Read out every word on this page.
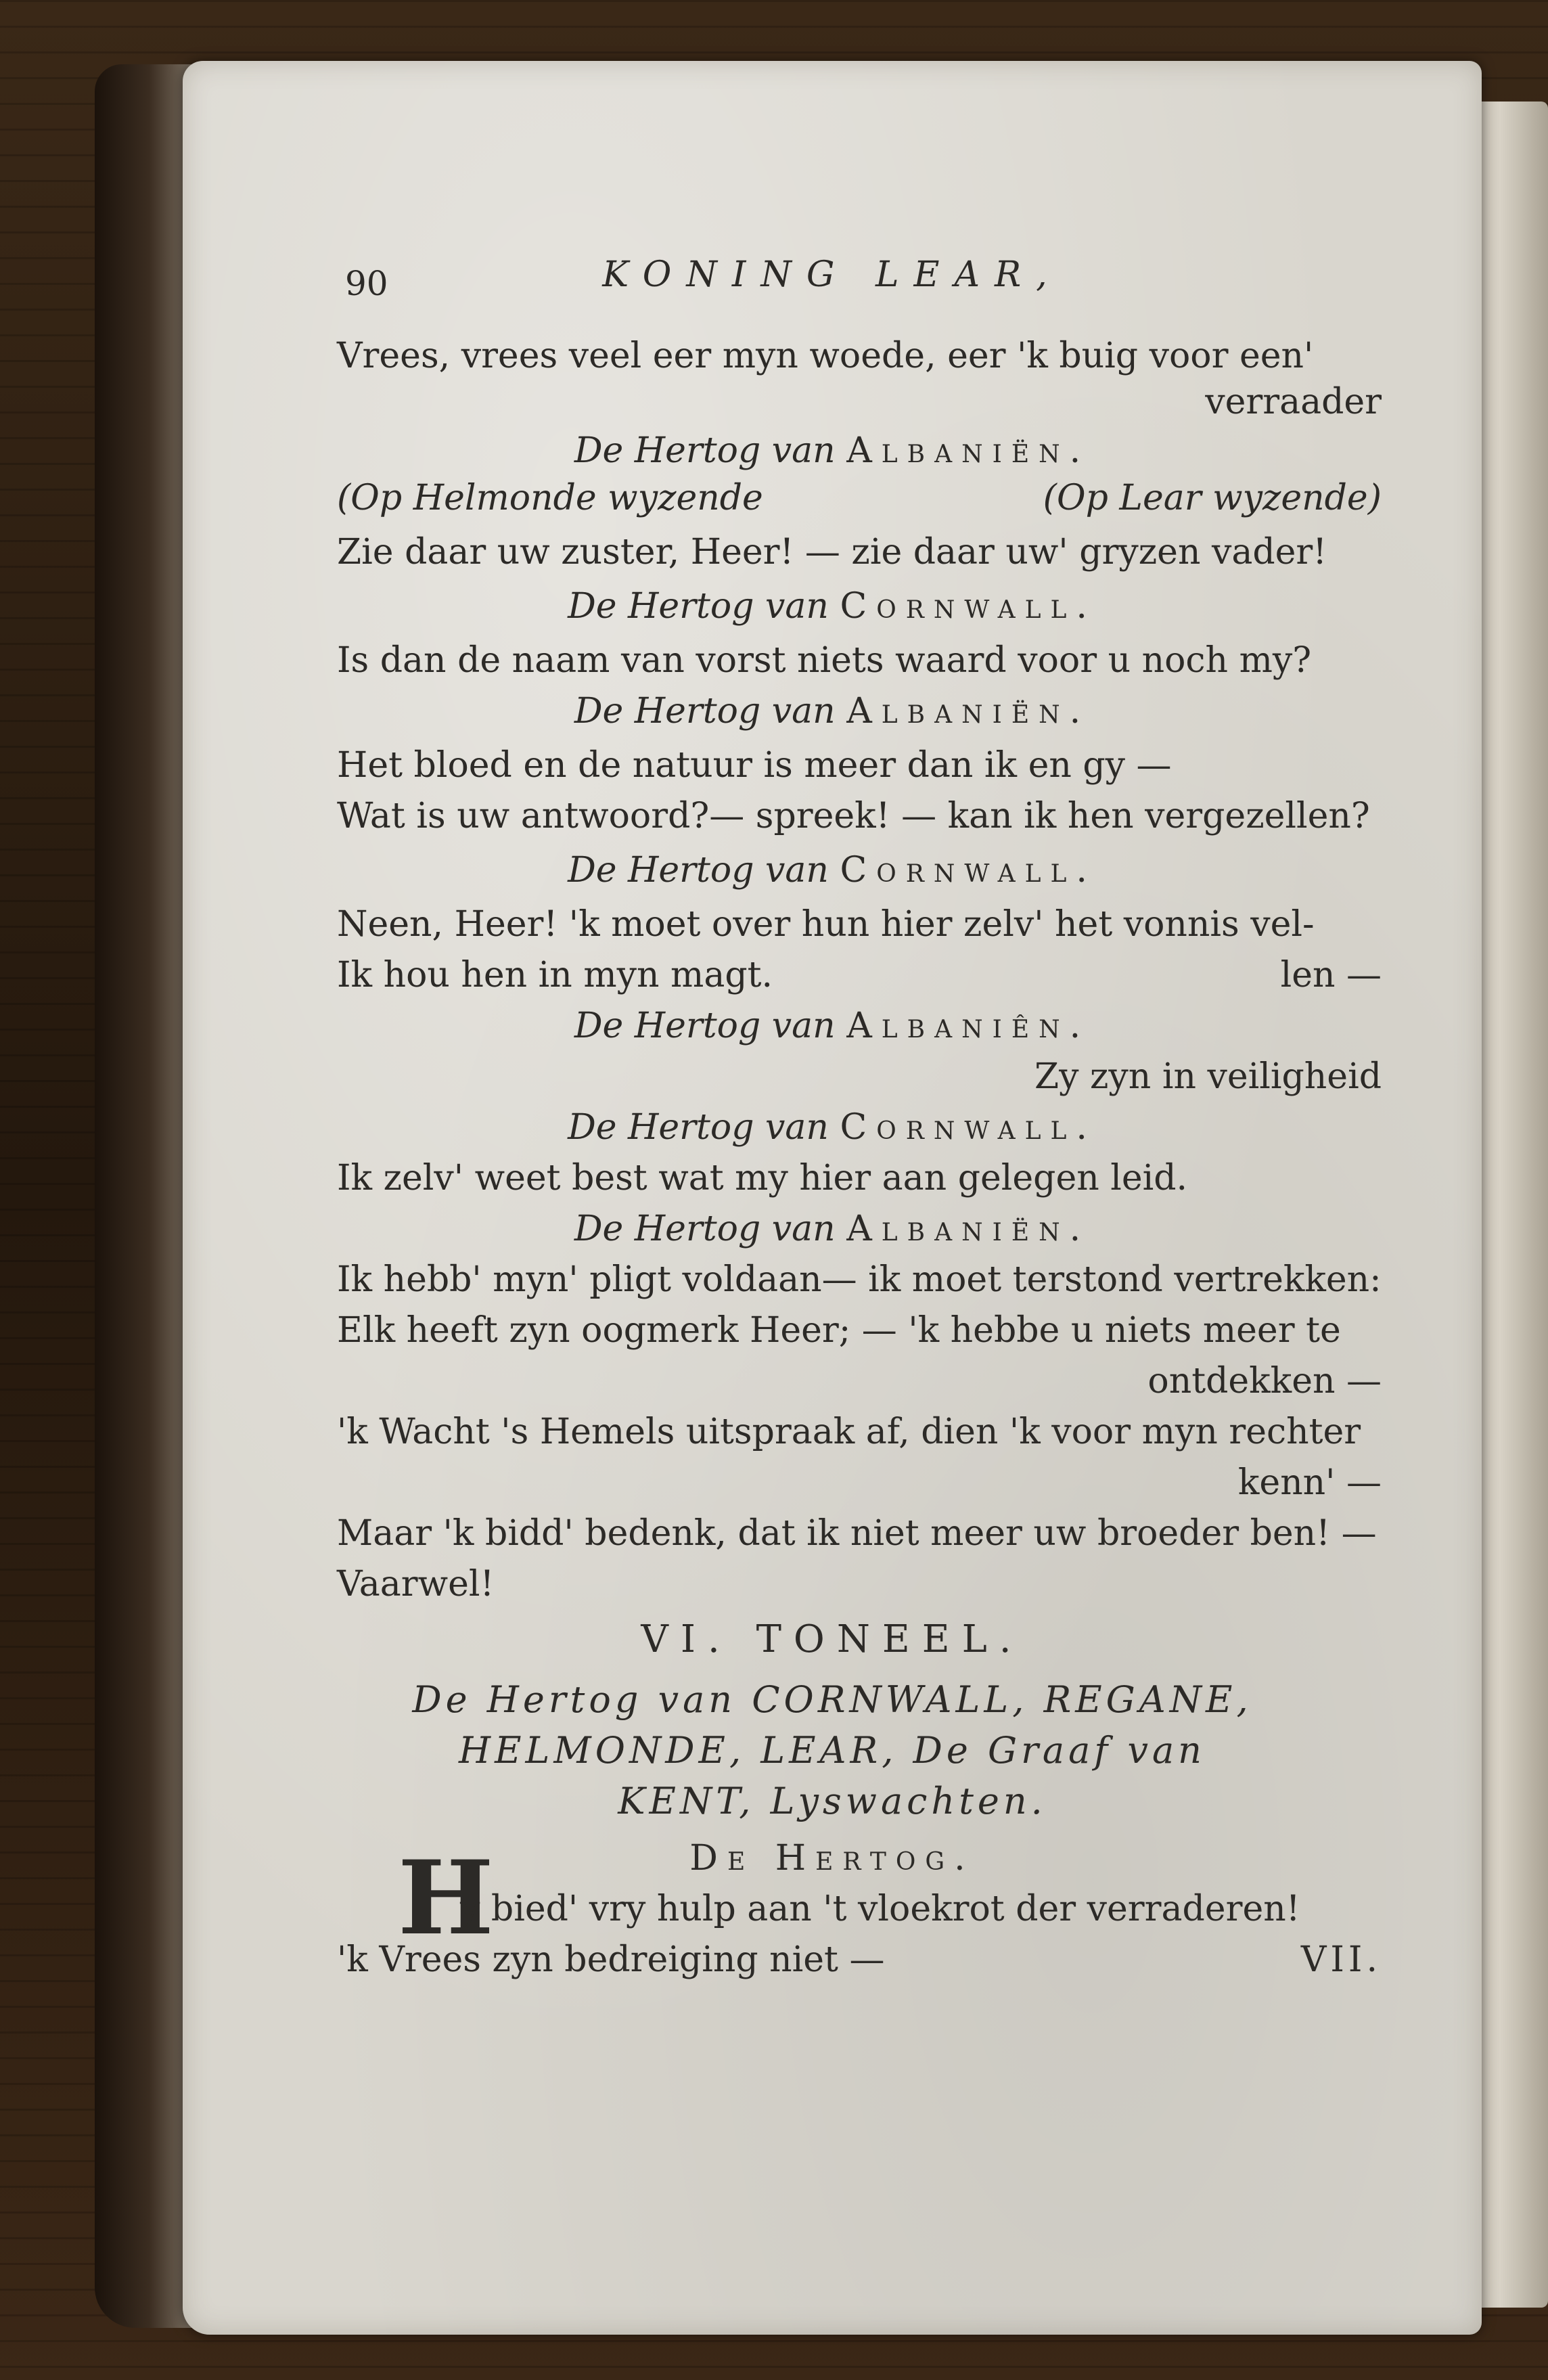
90	KONING LEAR,
Vrees, vrees veel eer myn woede, eer 'k buig voor een'
verraader
De Hertog van Albaniën.
(Op Helmonde wyzende	(Op Lear wyzende)
Zie daar uw zuster, Heer! — zie daar uw' gryzen vader!
De Hertog van Cornwall.
Is dan de naam van vorst niets waard voor u noch my?
De Hertog van Albaniën.
Het bloed en de natuur is meer dan ik en gy —
Wat is uw antwoord?— spreek! — kan ik hen vergezellen?
De Hertog van Cornwall.
Neen, Heer! 'k moet over hun hier zelv' het vonnis vel-
Ik hou hen in myn magt.	len —
De Hertog van Albaniên.
Zy zyn in veiligheid
De Hertog van Cornwall.
Ik zelv' weet best wat my hier aan gelegen leid.
De Hertog van Albaniën.
Ik hebb' myn' pligt voldaan— ik moet terstond vertrekken:
Elk heeft zyn oogmerk Heer; — 'k hebbe u niets meer te
ontdekken —
'k Wacht 's Hemels uitspraak af, dien 'k voor myn rechter
kenn' —
Maar 'k bidd' bedenk, dat ik niet meer uw broeder ben! —
Vaarwel!
VI. TONEEL.
De Hertog van CORNWALL, REGANE,
HELMONDE, LEAR, De Graaf van
KENT, Lyswachten.
De Hertog.
H
y bied' vry hulp aan 't vloekrot der verraderen!
'k Vrees zyn bedreiging niet —	VII.
